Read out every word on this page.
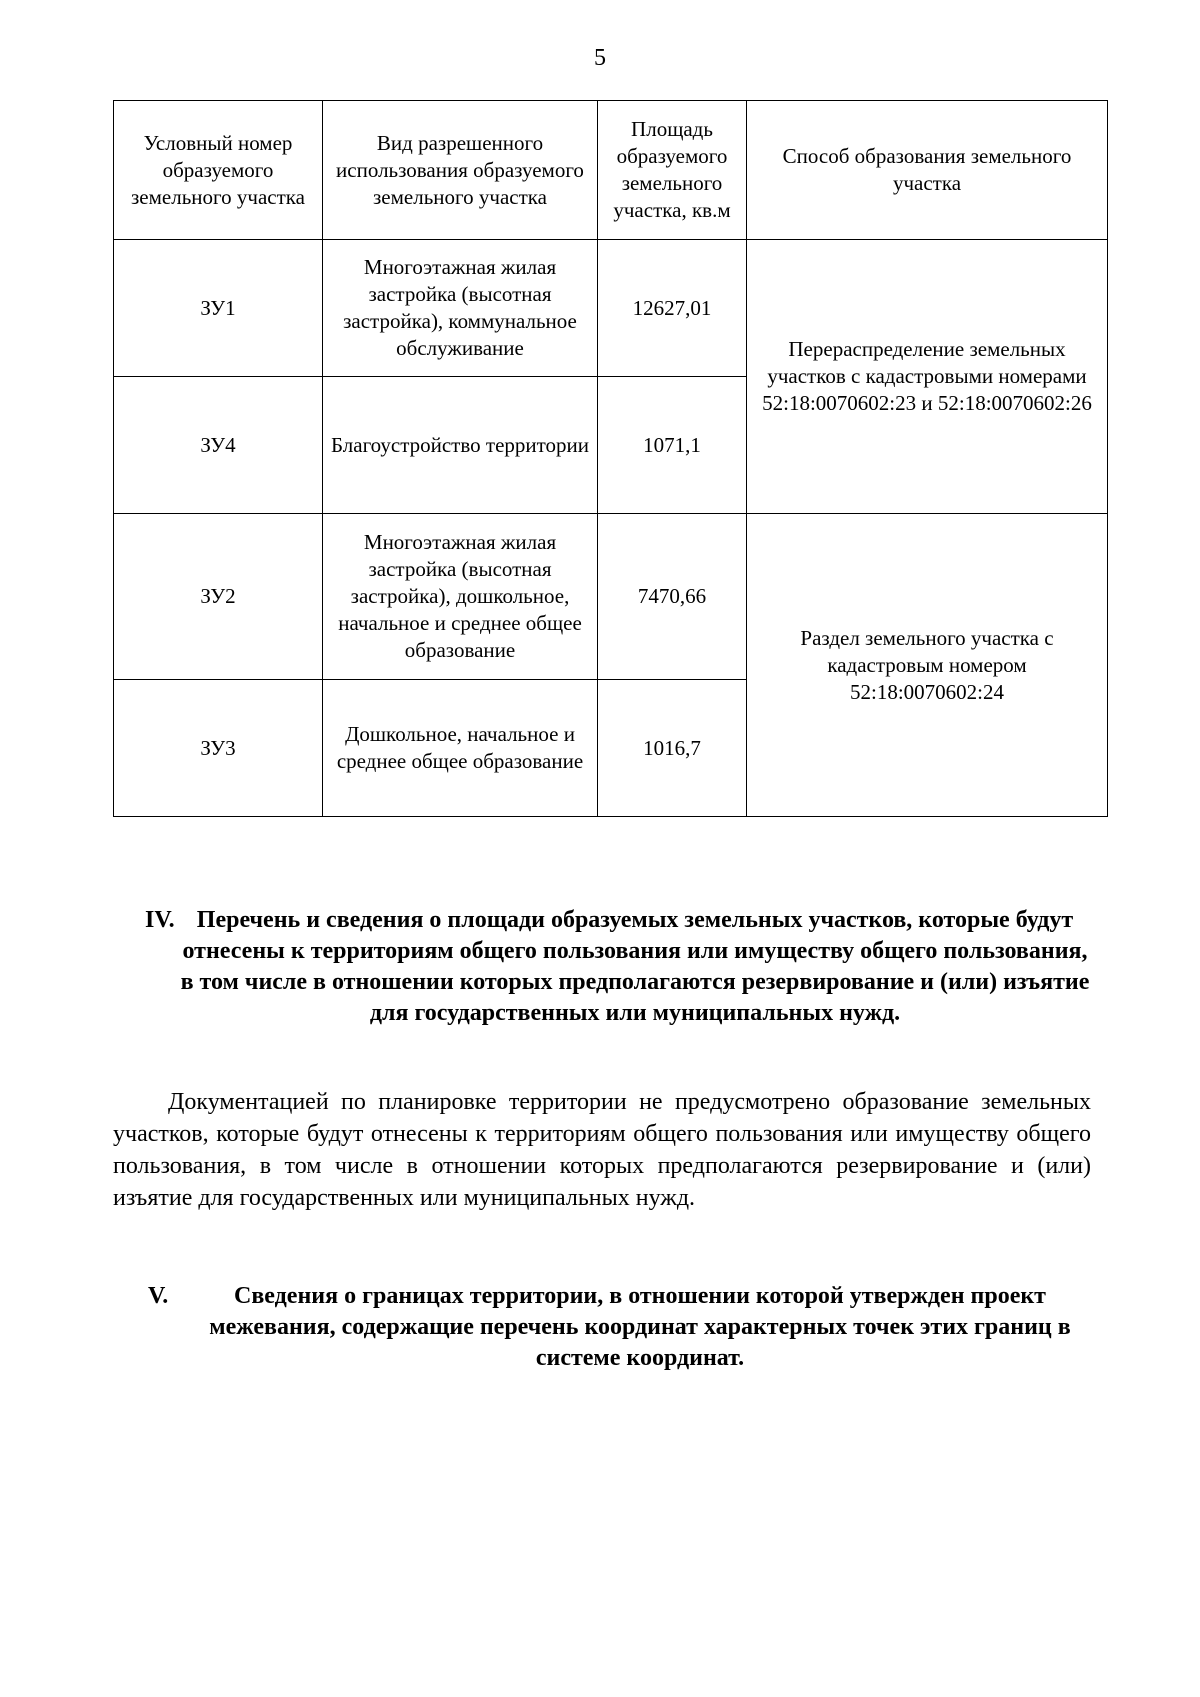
5
Условный номер образуемого земельного участка	Вид разрешенного использования образуемого земельного участка	Площадь образуемого земельного участка, кв.м	Способ образования земельного участка
ЗУ1	Многоэтажная жилая застройка (высотная застройка), коммунальное обслуживание	12627,01	Перераспределение земельных участков с кадастровыми номерами 52:18:0070602:23 и 52:18:0070602:26
ЗУ4	Благоустройство территории	1071,1	
ЗУ2	Многоэтажная жилая застройка (высотная застройка), дошкольное, начальное и среднее общее образование	7470,66	Раздел земельного участка с кадастровым номером 52:18:0070602:24
ЗУ3	Дошкольное, начальное и среднее общее образование	1016,7	
IV. Перечень и сведения о площади образуемых земельных участков, которые будут отнесены к территориям общего пользования или имуществу общего пользования, в том числе в отношении которых предполагаются резервирование и (или) изъятие для государственных или муниципальных нужд.

Документацией по планировке территории не предусмотрено образование земельных участков, которые будут отнесены к территориям общего пользования или имуществу общего пользования, в том числе в отношении которых предполагаются резервирование и (или) изъятие для государственных или муниципальных нужд.

V.	Сведения о границах территории, в отношении которой утвержден проект межевания, содержащие перечень координат характерных точек этих границ в системе координат.
